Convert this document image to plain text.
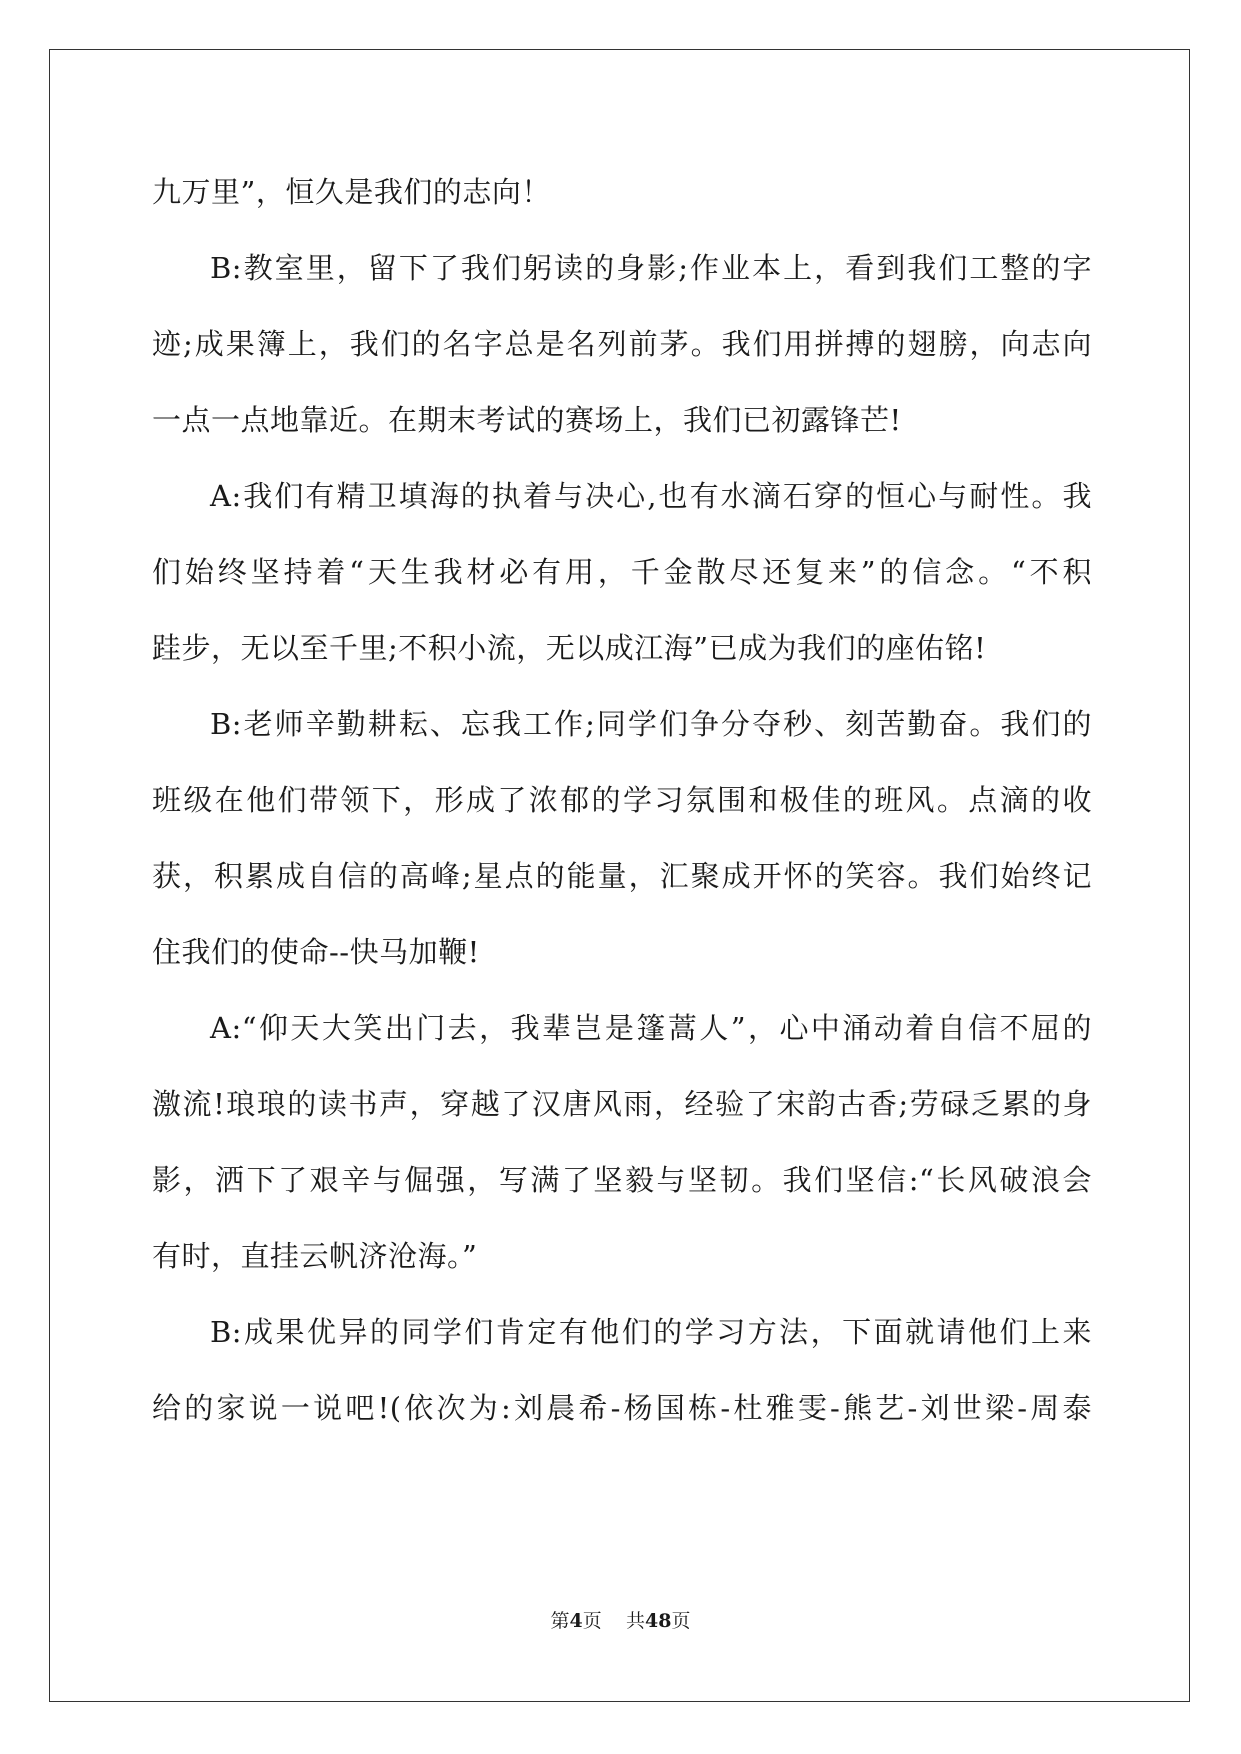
九万里”，恒久是我们的志向！
B:教室里，留下了我们躬读的身影;作业本上，看到我们工整的字
迹;成果簿上，我们的名字总是名列前茅。我们用拼搏的翅膀，向志向
一点一点地靠近。在期末考试的赛场上，我们已初露锋芒!
A:我们有精卫填海的执着与决心,也有水滴石穿的恒心与耐性。我
们始终坚持着“天生我材必有用，千金散尽还复来”的信念。“不积
跬步，无以至千里;不积小流，无以成江海”已成为我们的座佑铭!
B:老师辛勤耕耘、忘我工作;同学们争分夺秒、刻苦勤奋。我们的
班级在他们带领下，形成了浓郁的学习氛围和极佳的班风。点滴的收
获，积累成自信的高峰;星点的能量，汇聚成开怀的笑容。我们始终记
住我们的使命--快马加鞭!
A:“仰天大笑出门去，我辈岂是篷蒿人”，心中涌动着自信不屈的
激流!琅琅的读书声，穿越了汉唐风雨，经验了宋韵古香;劳碌乏累的身
影，洒下了艰辛与倔强，写满了坚毅与坚韧。我们坚信:“长风破浪会
有时，直挂云帆济沧海。”
B:成果优异的同学们肯定有他们的学习方法，下面就请他们上来
给的家说一说吧!(依次为:刘晨希-杨国栋-杜雅雯-熊艺-刘世梁-周泰
第4页 共48页
